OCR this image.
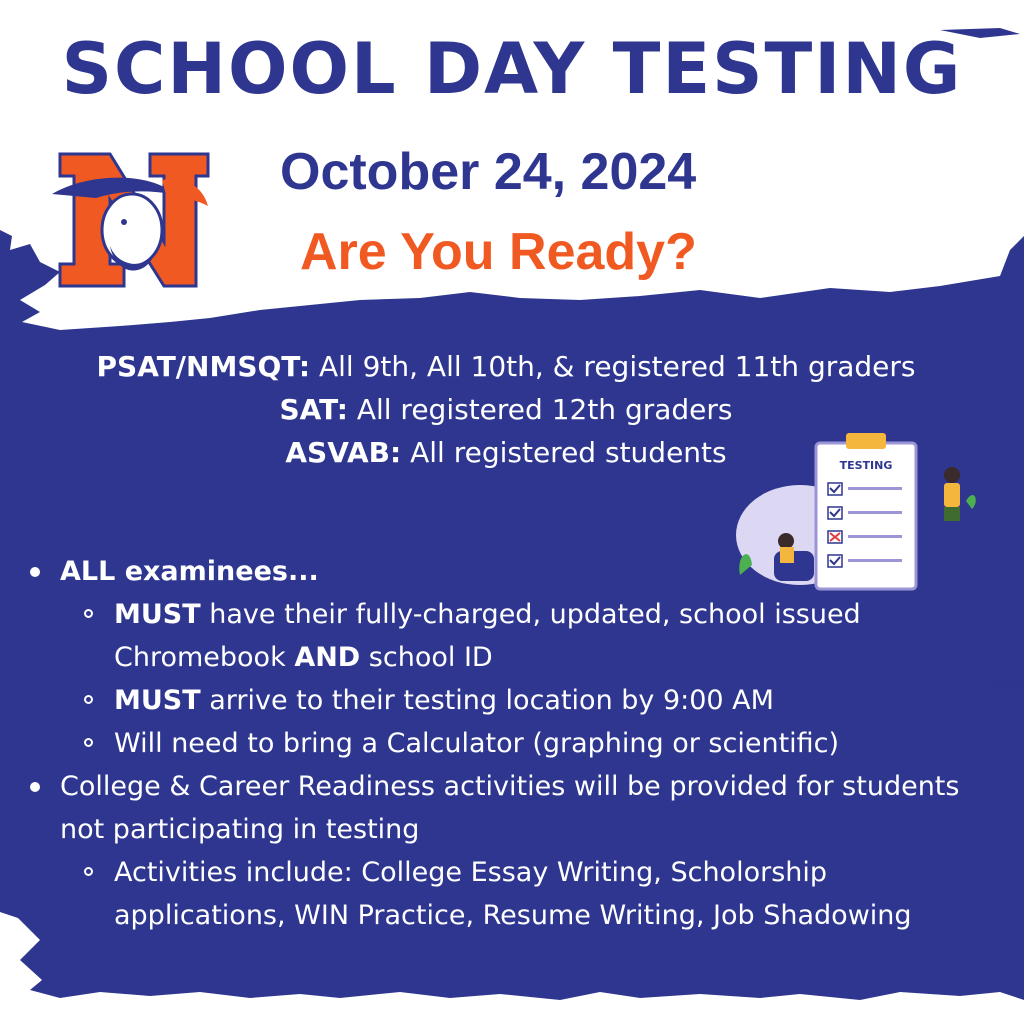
SCHOOL DAY TESTING
October 24, 2024
Are You Ready?
PSAT/NMSQT: All 9th, All 10th, & registered 11th graders
SAT: All registered 12th graders
ASVAB: All registered students	TESTING
ALL examinees...
MUST have their fully-charged, updated, school issued Chromebook AND school ID
MUST arrive to their testing location by 9:00 AM
Will need to bring a Calculator (graphing or scientific)
College & Career Readiness activities will be provided for students not participating in testing
Activities include: College Essay Writing, Scholorship applications, WIN Practice, Resume Writing, Job Shadowing
